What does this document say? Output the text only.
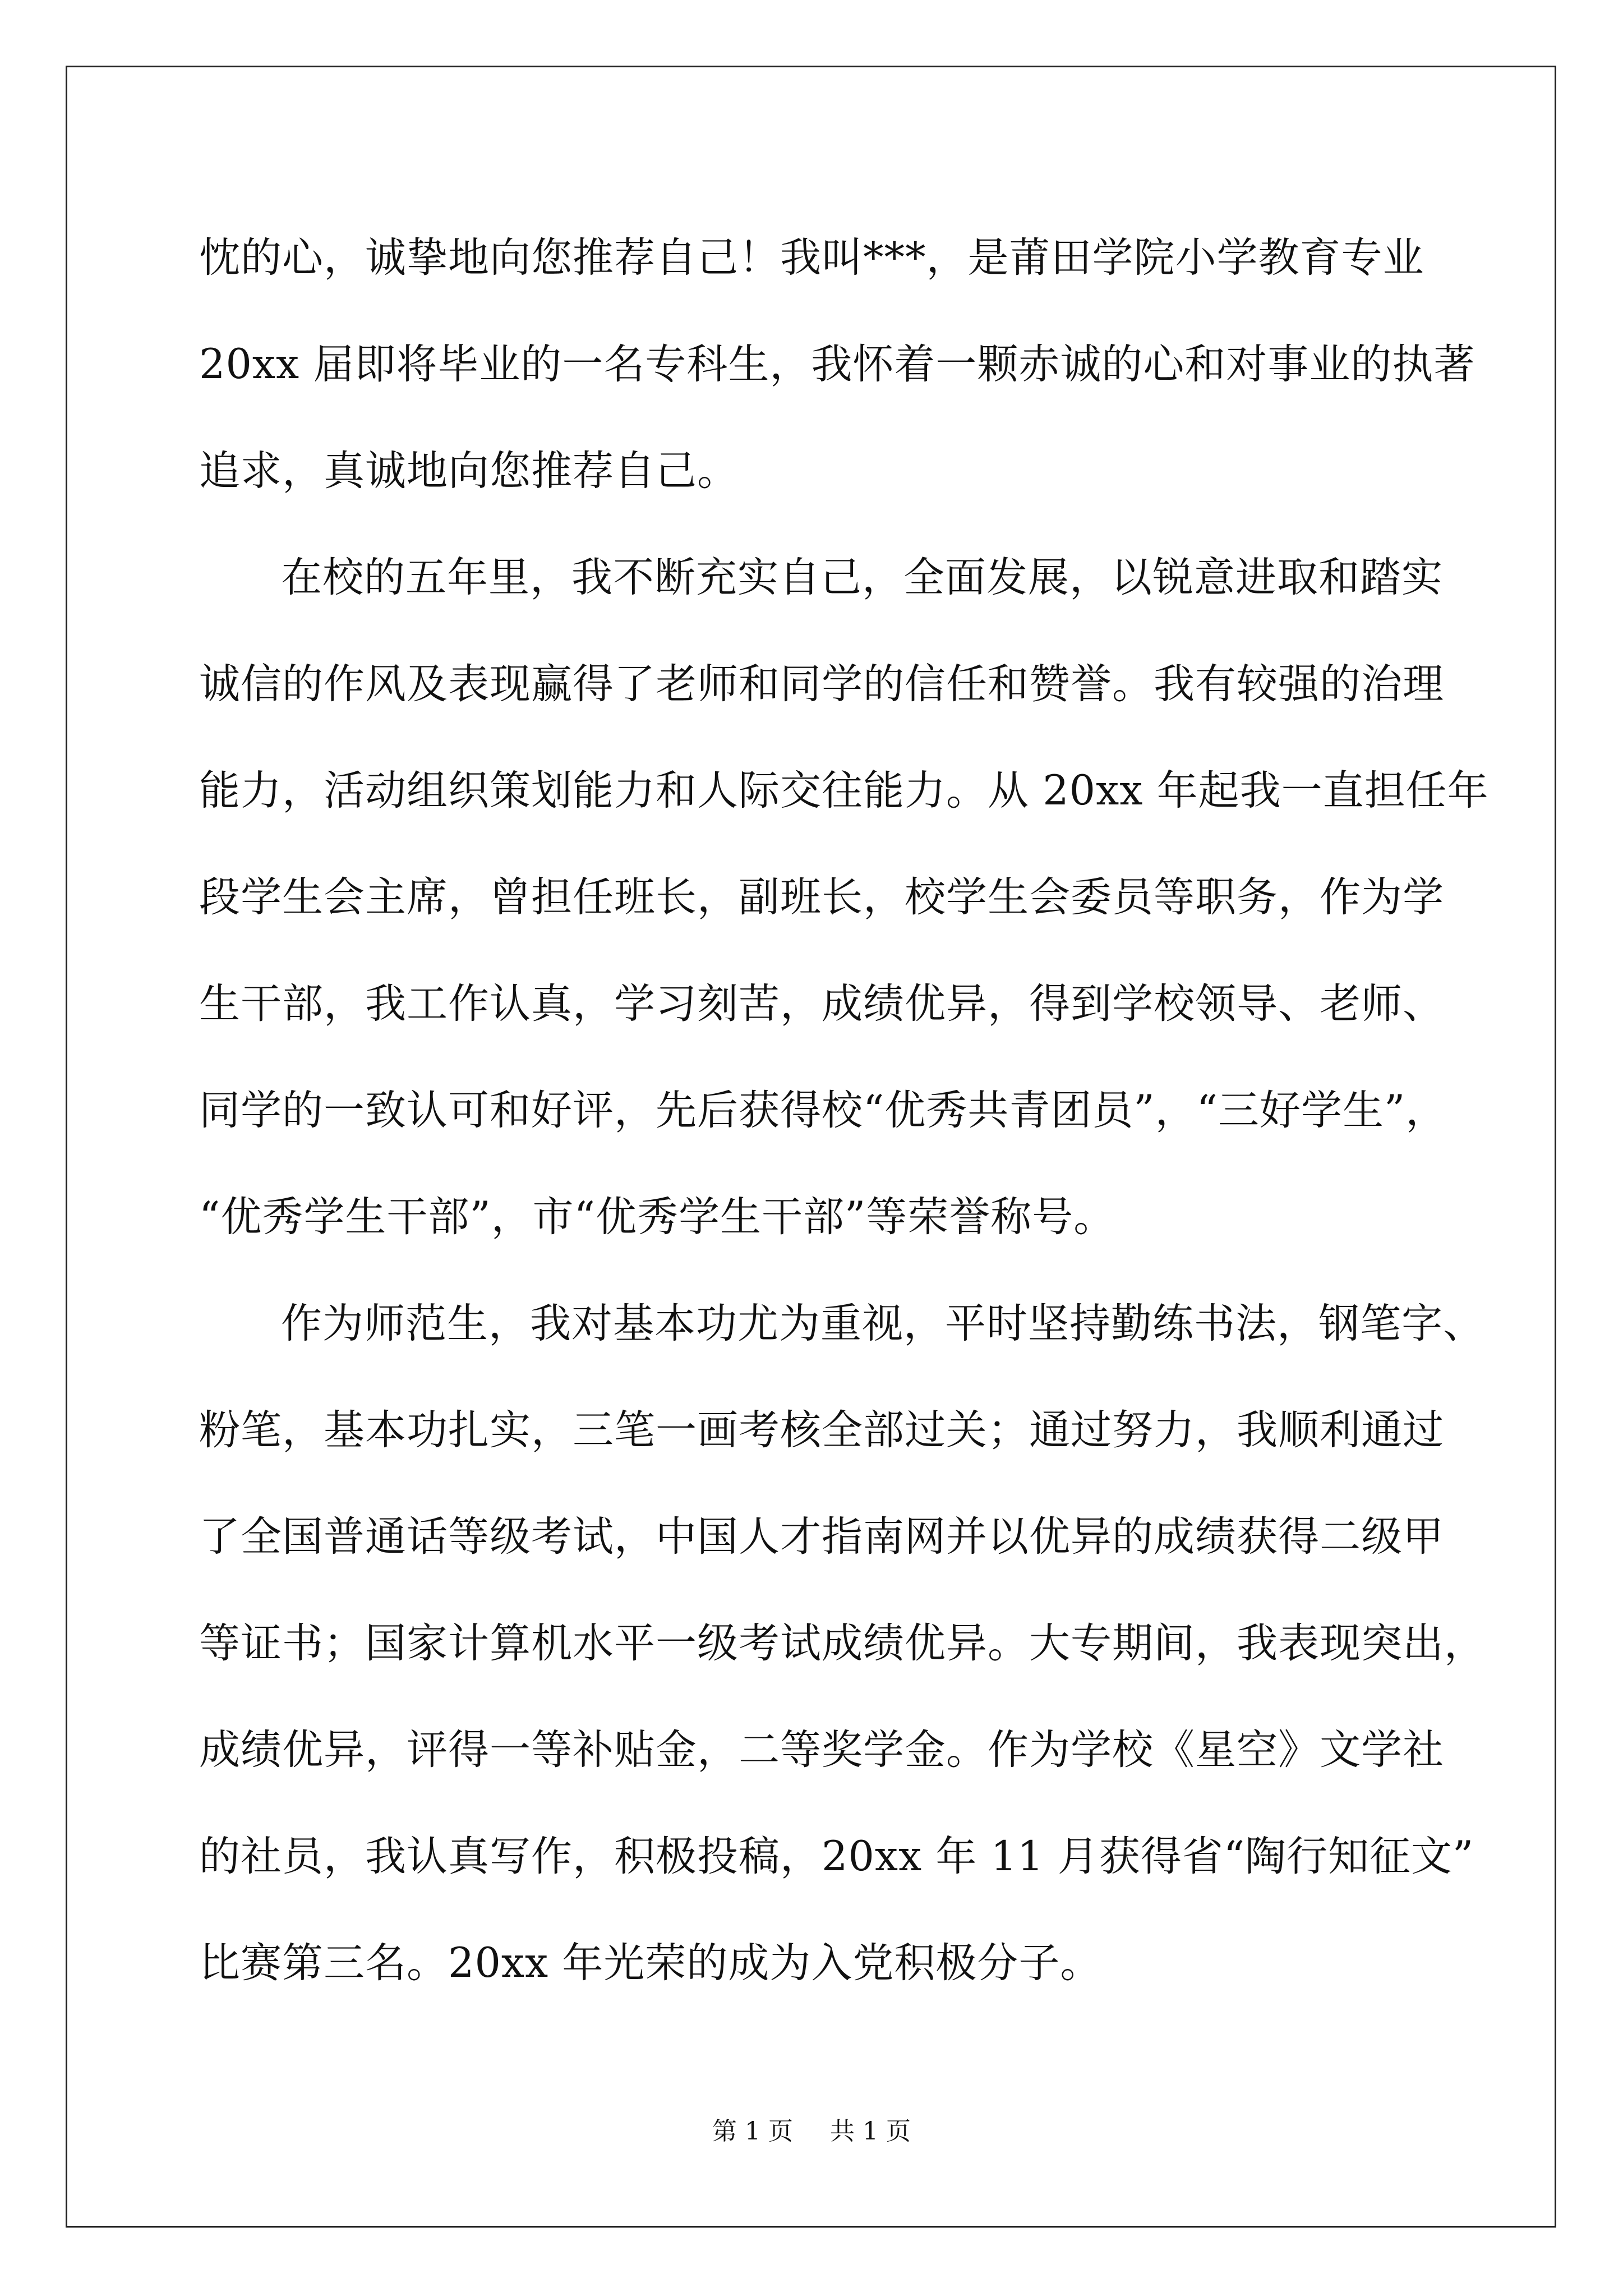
忱的心，诚挚地向您推荐自己！我叫***，是莆田学院小学教育专业
20xx 届即将毕业的一名专科生，我怀着一颗赤诚的心和对事业的执著
追求，真诚地向您推荐自己。
在校的五年里，我不断充实自己，全面发展，以锐意进取和踏实
诚信的作风及表现赢得了老师和同学的信任和赞誉。我有较强的治理
能力，活动组织策划能力和人际交往能力。从 20xx 年起我一直担任年
段学生会主席，曾担任班长，副班长，校学生会委员等职务，作为学
生干部，我工作认真，学习刻苦，成绩优异，得到学校领导、老师、
同学的一致认可和好评，先后获得校“优秀共青团员”，“三好学生”，
“优秀学生干部”，市“优秀学生干部”等荣誉称号。
作为师范生，我对基本功尤为重视，平时坚持勤练书法，钢笔字、
粉笔，基本功扎实，三笔一画考核全部过关；通过努力，我顺利通过
了全国普通话等级考试，中国人才指南网并以优异的成绩获得二级甲
等证书；国家计算机水平一级考试成绩优异。大专期间，我表现突出，
成绩优异，评得一等补贴金，二等奖学金。作为学校《星空》文学社
的社员，我认真写作，积极投稿，20xx 年 11 月获得省“陶行知征文”
比赛第三名。20xx 年光荣的成为入党积极分子。
第 1 页 共 1 页
